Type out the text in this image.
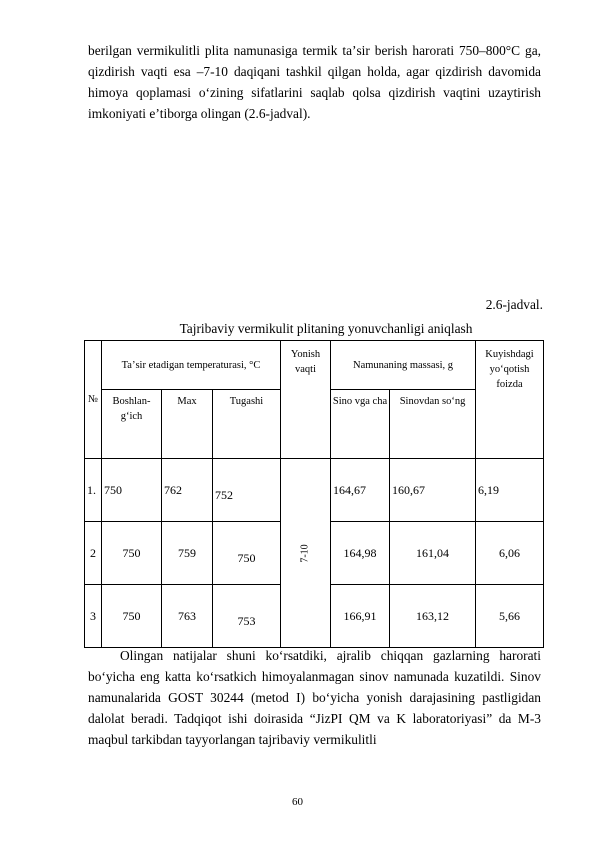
berilgan vermikulitli plita namunasiga termik taʼsir berish harorati 750–800°C ga, qizdirish vaqti esa –7-10 daqiqani tashkil qilgan holda, agar qizdirish davomida himoya qoplamasi oʻzining sifatlarini saqlab qolsa qizdirish vaqtini uzaytirish imkoniyati eʼtiborga olingan (2.6-jadval).
2.6-jadval.
Tajribaviy vermikulit plitaning yonuvchanligi aniqlash
№	Taʼsir etadigan temperaturasi, °C			Yonish vaqti	Namunaning massasi, g		Kuyishdagi yoʻqotish foizda
	Boshlan-gʻich	Max	Tugashi		Sino vga cha	Sinovdan soʻng	
1.	750	762	752	7-10	164,67	160,67	6,19
2	750	759	750		164,98	161,04	6,06
3	750	763	753		166,91	163,12	5,66
Olingan natijalar shuni koʻrsatdiki, ajralib chiqqan gazlarning harorati boʻyicha eng katta koʻrsatkich himoyalanmagan sinov namunada kuzatildi. Sinov namunalarida GOST 30244 (metod I) boʻyicha yonish darajasining pastligidan dalolat beradi. Tadqiqot ishi doirasida “JizPI QM va K laboratoriyasi” da M-3 maqbul tarkibdan tayyorlangan tajribaviy vermikulitli
60
